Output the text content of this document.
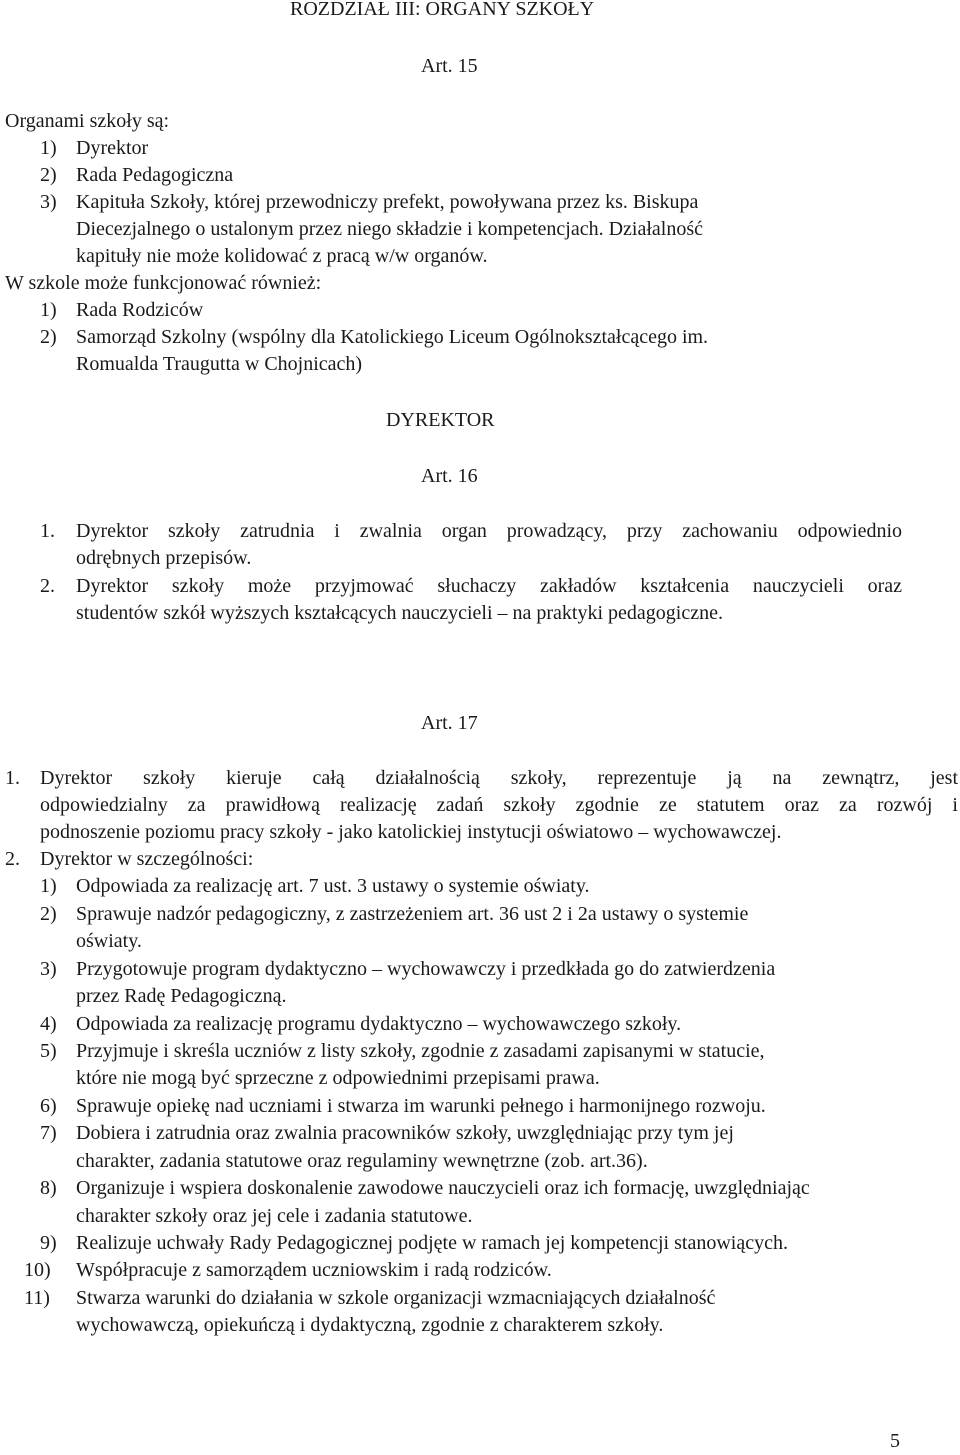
ROZDZIAŁ III: ORGANY SZKOŁY
Art. 15
Organami szkoły są:
1) Dyrektor
2) Rada Pedagogiczna
3) Kapituła Szkoły, której przewodniczy prefekt, powoływana przez ks. Biskupa
Diecezjalnego o ustalonym przez niego składzie i kompetencjach. Działalność
kapituły nie może kolidować z pracą w/w organów.
W szkole może funkcjonować również:
1) Rada Rodziców
2) Samorząd Szkolny (wspólny dla Katolickiego Liceum Ogólnokształcącego im.
Romualda Traugutta w Chojnicach)
DYREKTOR
Art. 16
1. Dyrektor szkoły zatrudnia i zwalnia organ prowadzący, przy zachowaniu odpowiednio
odrębnych przepisów.
2. Dyrektor szkoły może przyjmować słuchaczy zakładów kształcenia nauczycieli oraz
studentów szkół wyższych kształcących nauczycieli – na praktyki pedagogiczne.
Art. 17
1. Dyrektor szkoły kieruje całą działalnością szkoły, reprezentuje ją na zewnątrz, jest
odpowiedzialny za prawidłową realizację zadań szkoły zgodnie ze statutem oraz za rozwój i
podnoszenie poziomu pracy szkoły - jako katolickiej instytucji oświatowo – wychowawczej.
2. Dyrektor w szczególności:
1) Odpowiada za realizację art. 7 ust. 3 ustawy o systemie oświaty.
2) Sprawuje nadzór pedagogiczny, z zastrzeżeniem art. 36 ust 2 i 2a ustawy o systemie
oświaty.
3) Przygotowuje program dydaktyczno – wychowawczy i przedkłada go do zatwierdzenia
przez Radę Pedagogiczną.
4) Odpowiada za realizację programu dydaktyczno – wychowawczego szkoły.
5) Przyjmuje i skreśla uczniów z listy szkoły, zgodnie z zasadami zapisanymi w statucie,
które nie mogą być sprzeczne z odpowiednimi przepisami prawa.
6) Sprawuje opiekę nad uczniami i stwarza im warunki pełnego i harmonijnego rozwoju.
7) Dobiera i zatrudnia oraz zwalnia pracowników szkoły, uwzględniając przy tym jej
charakter, zadania statutowe oraz regulaminy wewnętrzne (zob. art.36).
8) Organizuje i wspiera doskonalenie zawodowe nauczycieli oraz ich formację, uwzględniając
charakter szkoły oraz jej cele i zadania statutowe.
9) Realizuje uchwały Rady Pedagogicznej podjęte w ramach jej kompetencji stanowiących.
10) Współpracuje z samorządem uczniowskim i radą rodziców.
11) Stwarza warunki do działania w szkole organizacji wzmacniających działalność
wychowawczą, opiekuńczą i dydaktyczną, zgodnie z charakterem szkoły.
5
